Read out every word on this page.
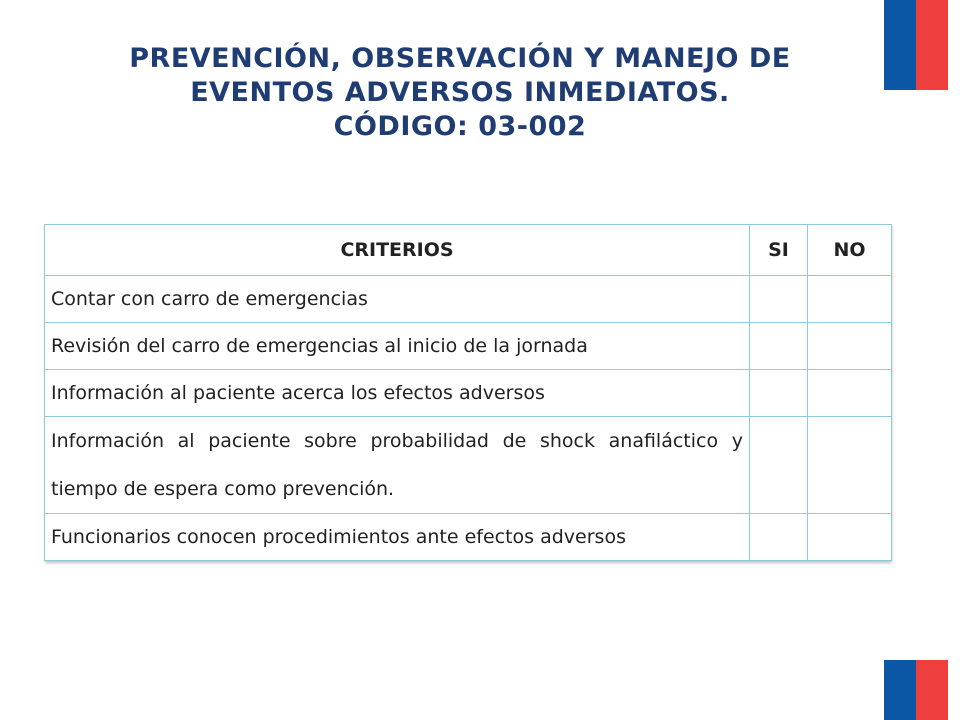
PREVENCIÓN, OBSERVACIÓN Y MANEJO DE
EVENTOS ADVERSOS INMEDIATOS.
CÓDIGO: 03-002
CRITERIOS	SI	NO
Contar con carro de emergencias		
Revisión del carro de emergencias al inicio de la jornada		
Información al paciente acerca los efectos adversos		
Información al paciente sobre probabilidad de shock anafiláctico y tiempo de espera como prevención.		
Funcionarios conocen procedimientos ante efectos adversos		
